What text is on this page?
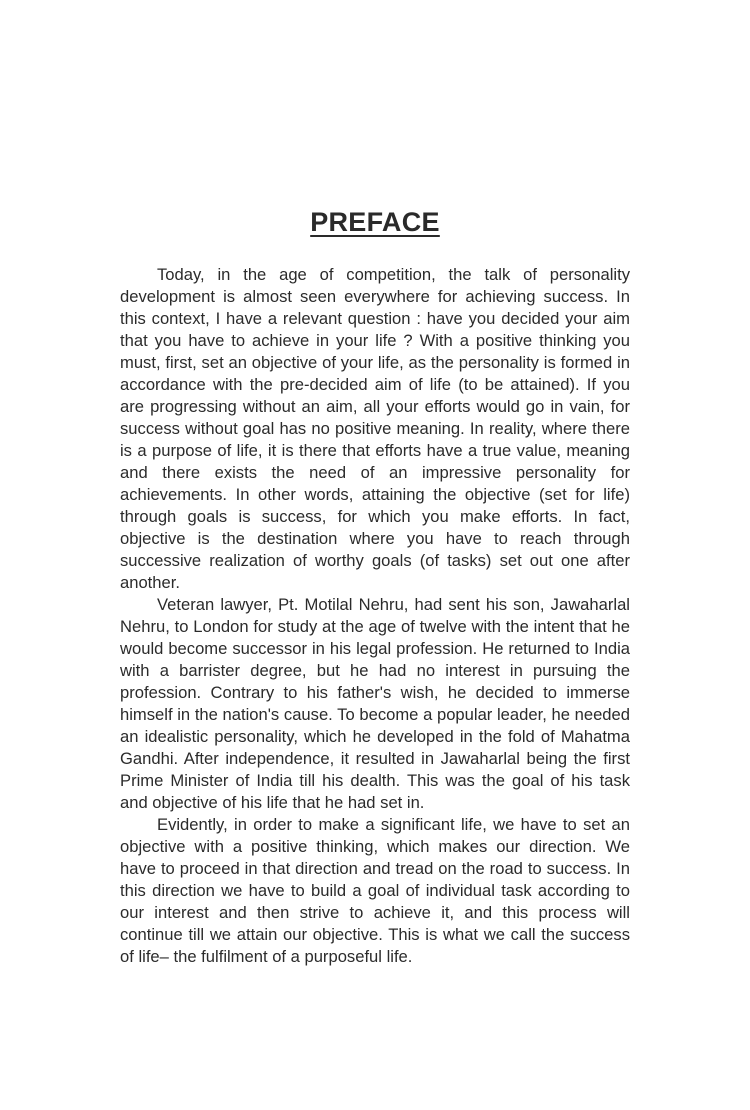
PREFACE

Today, in the age of competition, the talk of personality development is almost seen everywhere for achieving success. In this context, I have a relevant question : have you decided your aim that you have to achieve in your life ? With a positive thinking you must, first, set an objective of your life, as the personality is formed in accordance with the pre-decided aim of life (to be attained). If you are progressing without an aim, all your efforts would go in vain, for success without goal has no positive meaning. In reality, where there is a purpose of life, it is there that efforts have a true value, meaning and there exists the need of an impressive personality for achievements. In other words, attaining the objective (set for life) through goals is success, for which you make efforts. In fact, objective is the destination where you have to reach through successive realization of worthy goals (of tasks) set out one after another.

Veteran lawyer, Pt. Motilal Nehru, had sent his son, Jawaharlal Nehru, to London for study at the age of twelve with the intent that he would become successor in his legal profession. He returned to India with a barrister degree, but he had no interest in pursuing the profession. Contrary to his father's wish, he decided to immerse himself in the nation's cause. To become a popular leader, he needed an idealistic personality, which he developed in the fold of Mahatma Gandhi. After independence, it resulted in Jawaharlal being the first Prime Minister of India till his dealth. This was the goal of his task and objective of his life that he had set in.

Evidently, in order to make a significant life, we have to set an objective with a positive thinking, which makes our direction. We have to proceed in that direction and tread on the road to success. In this direction we have to build a goal of individual task according to our interest and then strive to achieve it, and this process will continue till we attain our objective. This is what we call the success of life– the fulfilment of a purposeful life.
